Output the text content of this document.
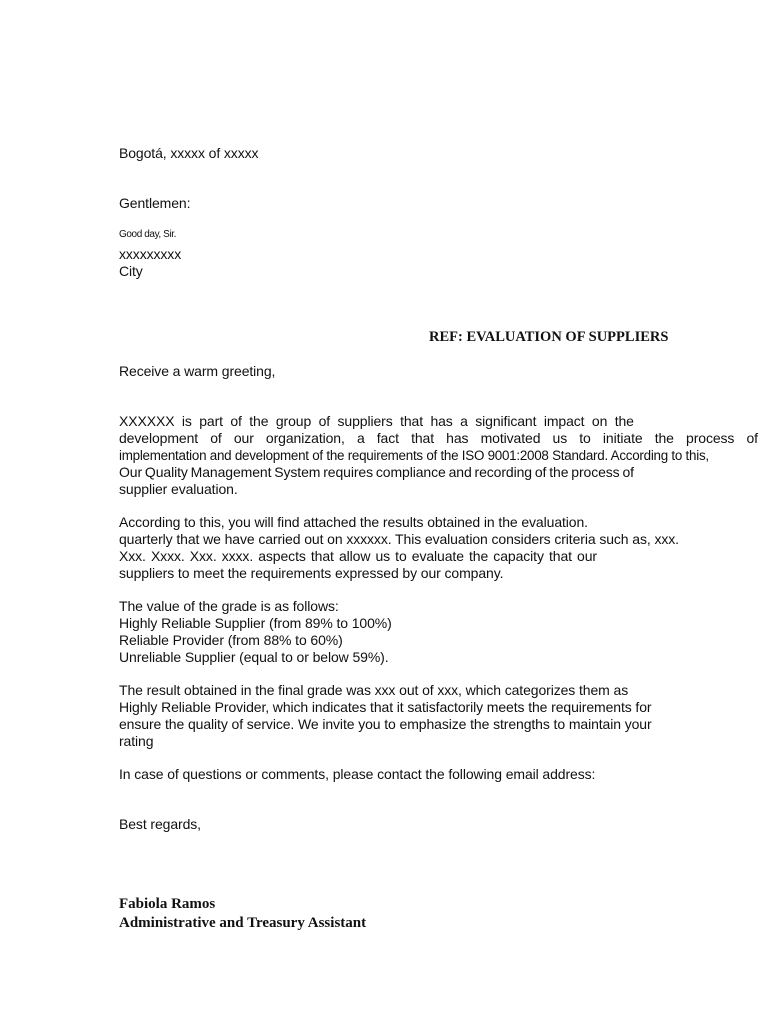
Bogotá, xxxxx of xxxxx
Gentlemen:
Good day, Sir.
xxxxxxxxx
City
REF: EVALUATION OF SUPPLIERS
Receive a warm greeting,
XXXXXX is part of the group of suppliers that has a significant impact on the
development of our organization, a fact that has motivated us to initiate the process of
implementation and development of the requirements of the ISO 9001:2008 Standard. According to this,
Our Quality Management System requires compliance and recording of the process of
supplier evaluation.
According to this, you will find attached the results obtained in the evaluation.
quarterly that we have carried out on xxxxxx. This evaluation considers criteria such as, xxx.
Xxx. Xxxx. Xxx. xxxx. aspects that allow us to evaluate the capacity that our
suppliers to meet the requirements expressed by our company.
The value of the grade is as follows:
Highly Reliable Supplier (from 89% to 100%)
Reliable Provider (from 88% to 60%)
Unreliable Supplier (equal to or below 59%).
The result obtained in the final grade was xxx out of xxx, which categorizes them as
Highly Reliable Provider, which indicates that it satisfactorily meets the requirements for
ensure the quality of service. We invite you to emphasize the strengths to maintain your
rating
In case of questions or comments, please contact the following email address:
Best regards,
Fabiola Ramos
Administrative and Treasury Assistant
